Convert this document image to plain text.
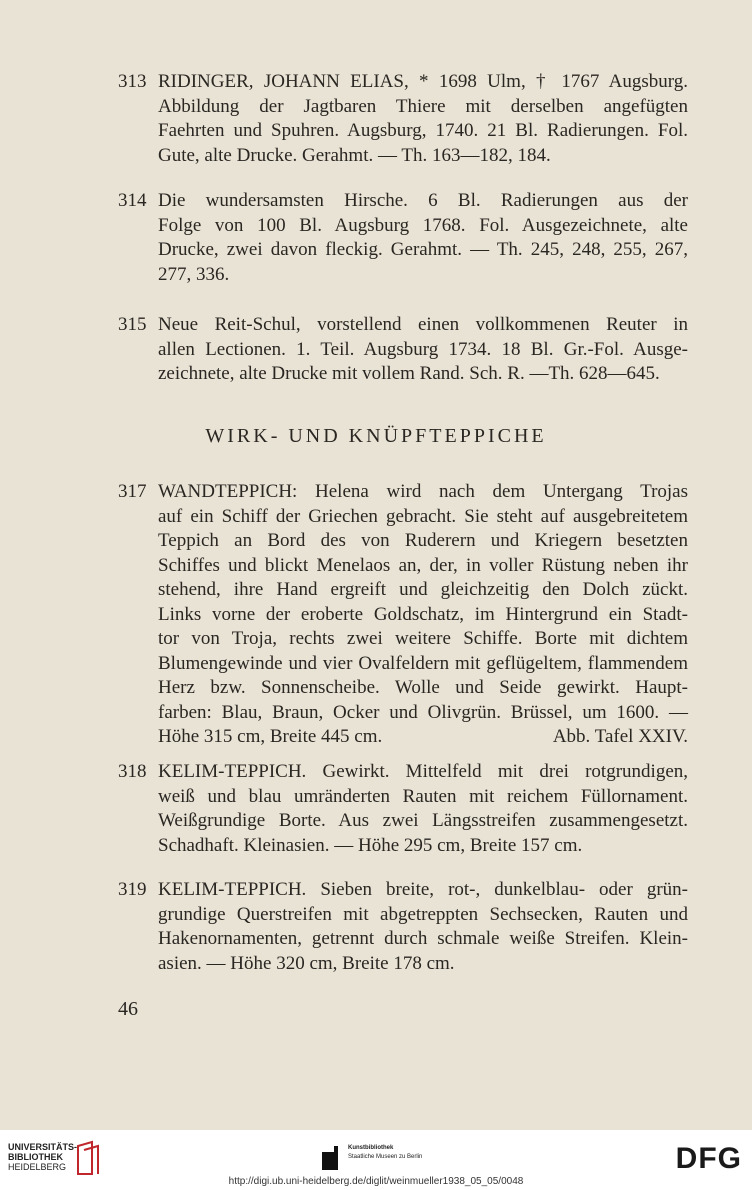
313 RIDINGER, JOHANN ELIAS, * 1698 Ulm, † 1767 Augsburg.
Abbildung der Jagtbaren Thiere mit derselben angefügten
Faehrten und Spuhren. Augsburg, 1740. 21 Bl. Radierungen. Fol.
Gute, alte Drucke. Gerahmt. — Th. 163—182, 184.
314 Die wundersamsten Hirsche. 6 Bl. Radierungen aus der
Folge von 100 Bl. Augsburg 1768. Fol. Ausgezeichnete, alte
Drucke, zwei davon fleckig. Gerahmt. — Th. 245, 248, 255, 267,
277, 336.
315 Neue Reit-Schul, vorstellend einen vollkommenen Reuter in
allen Lectionen. 1. Teil. Augsburg 1734. 18 Bl. Gr.-Fol. Ausge-
zeichnete, alte Drucke mit vollem Rand. Sch. R. —Th. 628—645.
WIRK- UND KNÜPFTEPPICHE
317 WANDTEPPICH: Helena wird nach dem Untergang Trojas
auf ein Schiff der Griechen gebracht. Sie steht auf ausgebreitetem
Teppich an Bord des von Ruderern und Kriegern besetzten
Schiffes und blickt Menelaos an, der, in voller Rüstung neben ihr
stehend, ihre Hand ergreift und gleichzeitig den Dolch zückt.
Links vorne der eroberte Goldschatz, im Hintergrund ein Stadt-
tor von Troja, rechts zwei weitere Schiffe. Borte mit dichtem
Blumengewinde und vier Ovalfeldern mit geflügeltem, flammendem
Herz bzw. Sonnenscheibe. Wolle und Seide gewirkt. Haupt-
farben: Blau, Braun, Ocker und Olivgrün. Brüssel, um 1600. —
Höhe 315 cm, Breite 445 cm.	Abb. Tafel XXIV.
318 KELIM-TEPPICH. Gewirkt. Mittelfeld mit drei rotgrundigen,
weiß und blau umränderten Rauten mit reichem Füllornament.
Weißgrundige Borte. Aus zwei Längsstreifen zusammengesetzt.
Schadhaft. Kleinasien. — Höhe 295 cm, Breite 157 cm.
319 KELIM-TEPPICH. Sieben breite, rot-, dunkelblau- oder grün-
grundige Querstreifen mit abgetreppten Sechsecken, Rauten und
Hakenornamenten, getrennt durch schmale weiße Streifen. Klein-
asien. — Höhe 320 cm, Breite 178 cm.
46
UNIVERSITÄTS-
BIBLIOTHEK
HEIDELBERG
Kunstbibliothek
Staatliche Museen zu Berlin	DFG
http://digi.ub.uni-heidelberg.de/diglit/weinmueller1938_05_05/0048
